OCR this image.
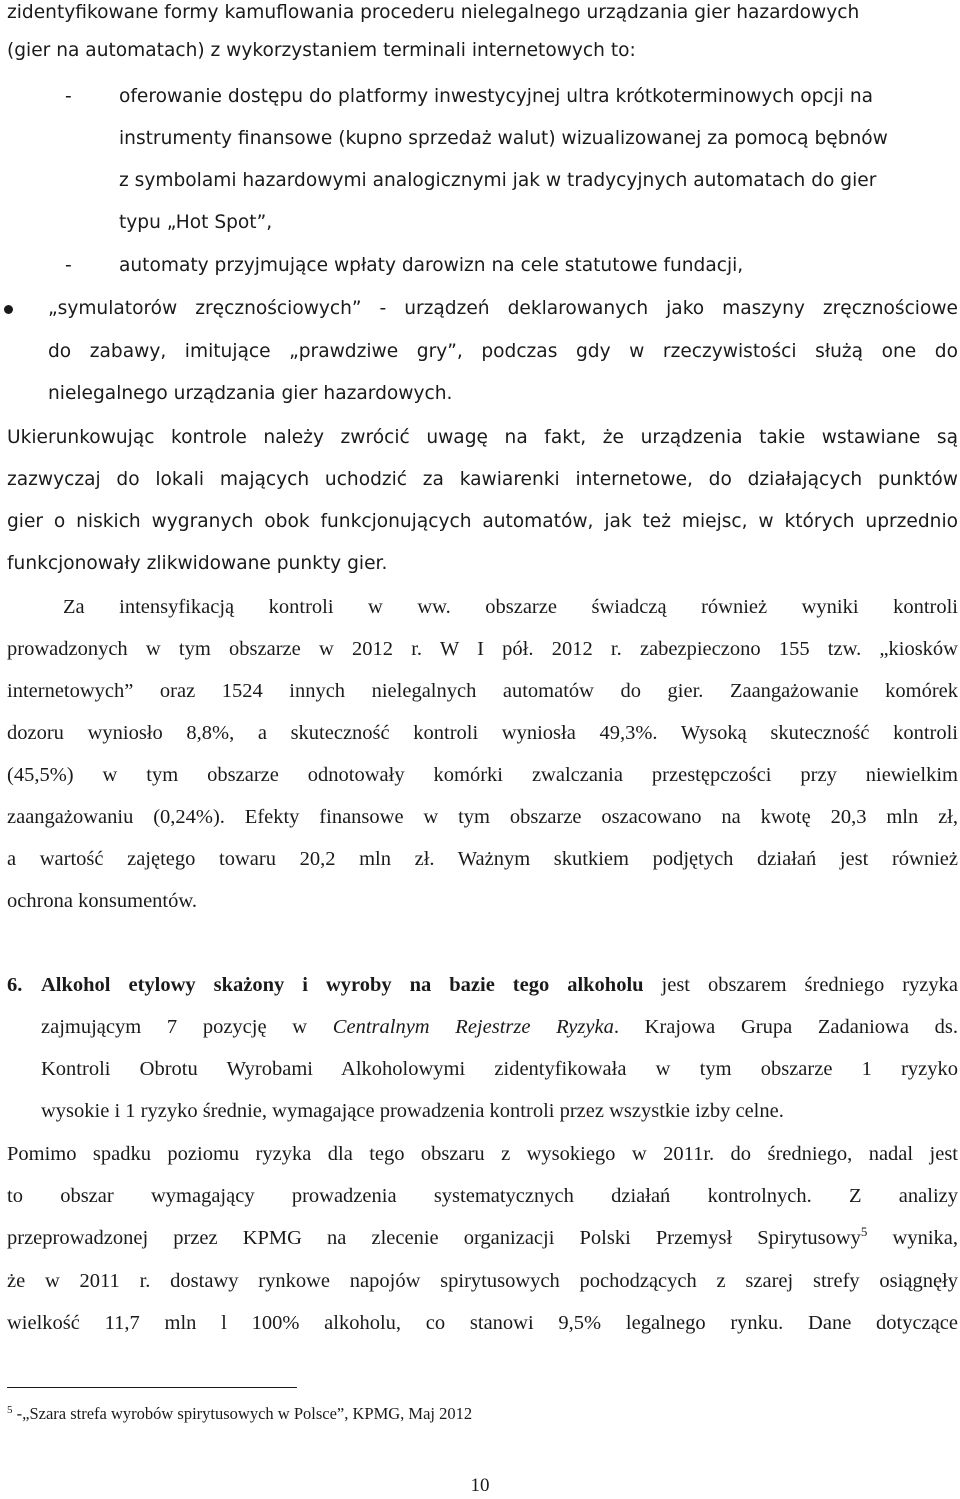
zidentyfikowane formy kamuflowania procederu nielegalnego urządzania gier hazardowych
(gier na automatach) z wykorzystaniem terminali internetowych to:
-	oferowanie dostępu do platformy inwestycyjnej ultra krótkoterminowych opcji na
instrumenty finansowe (kupno sprzedaż walut) wizualizowanej za pomocą bębnów
z symbolami hazardowymi analogicznymi jak w tradycyjnych automatach do gier
typu „Hot Spot”,
-	automaty przyjmujące wpłaty darowizn na cele statutowe fundacji,
„symulatorów zręcznościowych” - urządzeń deklarowanych jako maszyny zręcznościowe
do zabawy, imitujące „prawdziwe gry”, podczas gdy w rzeczywistości służą one do
nielegalnego urządzania gier hazardowych.
Ukierunkowując kontrole należy zwrócić uwagę na fakt, że urządzenia takie wstawiane są
zazwyczaj do lokali mających uchodzić za kawiarenki internetowe, do działających punktów
gier o niskich wygranych obok funkcjonujących automatów, jak też miejsc, w których uprzednio
funkcjonowały zlikwidowane punkty gier.
Za intensyfikacją kontroli w ww. obszarze świadczą również wyniki kontroli
prowadzonych w tym obszarze w 2012 r. W I pół. 2012 r. zabezpieczono 155 tzw. „kiosków
internetowych” oraz 1524 innych nielegalnych automatów do gier. Zaangażowanie komórek
dozoru wyniosło 8,8%, a skuteczność kontroli wyniosła 49,3%. Wysoką skuteczność kontroli
(45,5%) w tym obszarze odnotowały komórki zwalczania przestępczości przy niewielkim
zaangażowaniu (0,24%). Efekty finansowe w tym obszarze oszacowano na kwotę 20,3 mln zł,
a wartość zajętego towaru 20,2 mln zł. Ważnym skutkiem podjętych działań jest również
ochrona konsumentów.
6. Alkohol etylowy skażony i wyroby na bazie tego alkoholu jest obszarem średniego ryzyka
zajmującym 7 pozycję w Centralnym Rejestrze Ryzyka. Krajowa Grupa Zadaniowa ds.
Kontroli Obrotu Wyrobami Alkoholowymi zidentyfikowała w tym obszarze 1 ryzyko
wysokie i 1 ryzyko średnie, wymagające prowadzenia kontroli przez wszystkie izby celne.
Pomimo spadku poziomu ryzyka dla tego obszaru z wysokiego w 2011r. do średniego, nadal jest
to obszar wymagający prowadzenia systematycznych działań kontrolnych. Z analizy
przeprowadzonej przez KPMG na zlecenie organizacji Polski Przemysł Spirytusowy$^5$ wynika,
że w 2011 r. dostawy rynkowe napojów spirytusowych pochodzących z szarej strefy osiągnęły
wielkość 11,7 mln l 100% alkoholu, co stanowi 9,5% legalnego rynku. Dane dotyczące
$^5$ -„Szara strefa wyrobów spirytusowych w Polsce”, KPMG, Maj 2012
10
